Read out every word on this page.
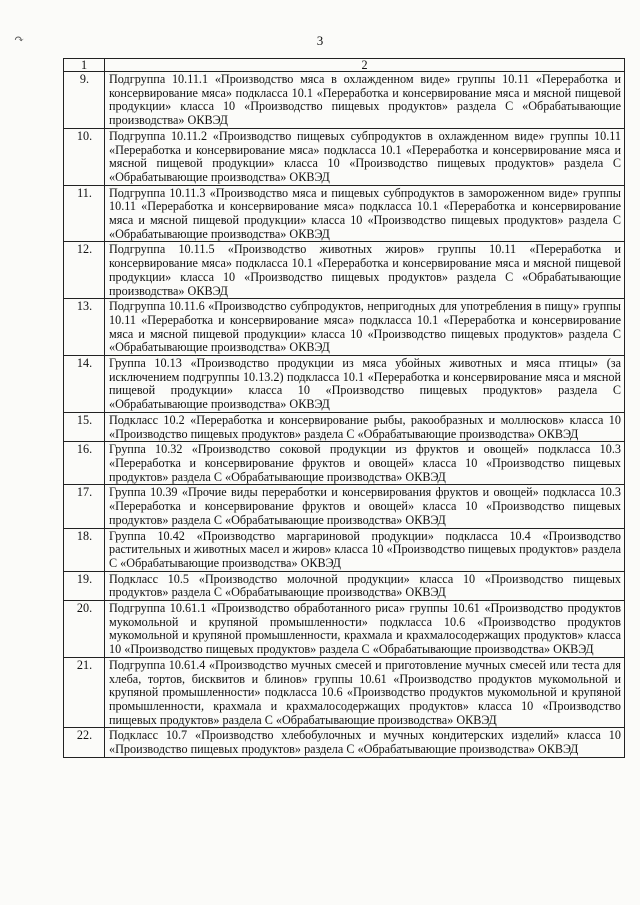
↷	3
1	2
9.	Подгруппа 10.11.1 «Производство мяса в охлажденном виде» группы 10.11 «Переработка и консервирование мяса» подкласса 10.1 «Переработка и консервирование мяса и мясной пищевой продукции» класса 10 «Производство пищевых продуктов» раздела С «Обрабатывающие производства» ОКВЭД
10.	Подгруппа 10.11.2 «Производство пищевых субпродуктов в охлажденном виде» группы 10.11 «Переработка и консервирование мяса» подкласса 10.1 «Переработка и консервирование мяса и мясной пищевой продукции» класса 10 «Производство пищевых продуктов» раздела С «Обрабатывающие производства» ОКВЭД
11.	Подгруппа 10.11.3 «Производство мяса и пищевых субпродуктов в замороженном виде» группы 10.11 «Переработка и консервирование мяса» подкласса 10.1 «Переработка и консервирование мяса и мясной пищевой продукции» класса 10 «Производство пищевых продуктов» раздела С «Обрабатывающие производства» ОКВЭД
12.	Подгруппа 10.11.5 «Производство животных жиров» группы 10.11 «Переработка и консервирование мяса» подкласса 10.1 «Переработка и консервирование мяса и мясной пищевой продукции» класса 10 «Производство пищевых продуктов» раздела С «Обрабатывающие производства» ОКВЭД
13.	Подгруппа 10.11.6 «Производство субпродуктов, непригодных для употребления в пищу» группы 10.11 «Переработка и консервирование мяса» подкласса 10.1 «Переработка и консервирование мяса и мясной пищевой продукции» класса 10 «Производство пищевых продуктов» раздела С «Обрабатывающие производства» ОКВЭД
14.	Группа 10.13 «Производство продукции из мяса убойных животных и мяса птицы» (за исключением подгруппы 10.13.2) подкласса 10.1 «Переработка и консервирование мяса и мясной пищевой продукции» класса 10 «Производство пищевых продуктов» раздела С «Обрабатывающие производства» ОКВЭД
15.	Подкласс 10.2 «Переработка и консервирование рыбы, ракообразных и моллюсков» класса 10 «Производство пищевых продуктов» раздела С «Обрабатывающие производства» ОКВЭД
16.	Группа 10.32 «Производство соковой продукции из фруктов и овощей» подкласса 10.3 «Переработка и консервирование фруктов и овощей» класса 10 «Производство пищевых продуктов» раздела С «Обрабатывающие производства» ОКВЭД
17.	Группа 10.39 «Прочие виды переработки и консервирования фруктов и овощей» подкласса 10.3 «Переработка и консервирование фруктов и овощей» класса 10 «Производство пищевых продуктов» раздела С «Обрабатывающие производства» ОКВЭД
18.	Группа 10.42 «Производство маргариновой продукции» подкласса 10.4 «Производство растительных и животных масел и жиров» класса 10 «Производство пищевых продуктов» раздела С «Обрабатывающие производства» ОКВЭД
19.	Подкласс 10.5 «Производство молочной продукции» класса 10 «Производство пищевых продуктов» раздела С «Обрабатывающие производства» ОКВЭД
20.	Подгруппа 10.61.1 «Производство обработанного риса» группы 10.61 «Производство продуктов мукомольной и крупяной промышленности» подкласса 10.6 «Производство продуктов мукомольной и крупяной промышленности, крахмала и крахмалосодержащих продуктов» класса 10 «Производство пищевых продуктов» раздела С «Обрабатывающие производства» ОКВЭД
21.	Подгруппа 10.61.4 «Производство мучных смесей и приготовление мучных смесей или теста для хлеба, тортов, бисквитов и блинов» группы 10.61 «Производство продуктов мукомольной и крупяной промышленности» подкласса 10.6 «Производство продуктов мукомольной и крупяной промышленности, крахмала и крахмалосодержащих продуктов» класса 10 «Производство пищевых продуктов» раздела С «Обрабатывающие производства» ОКВЭД
22.	Подкласс 10.7 «Производство хлебобулочных и мучных кондитерских изделий» класса 10 «Производство пищевых продуктов» раздела С «Обрабатывающие производства» ОКВЭД
